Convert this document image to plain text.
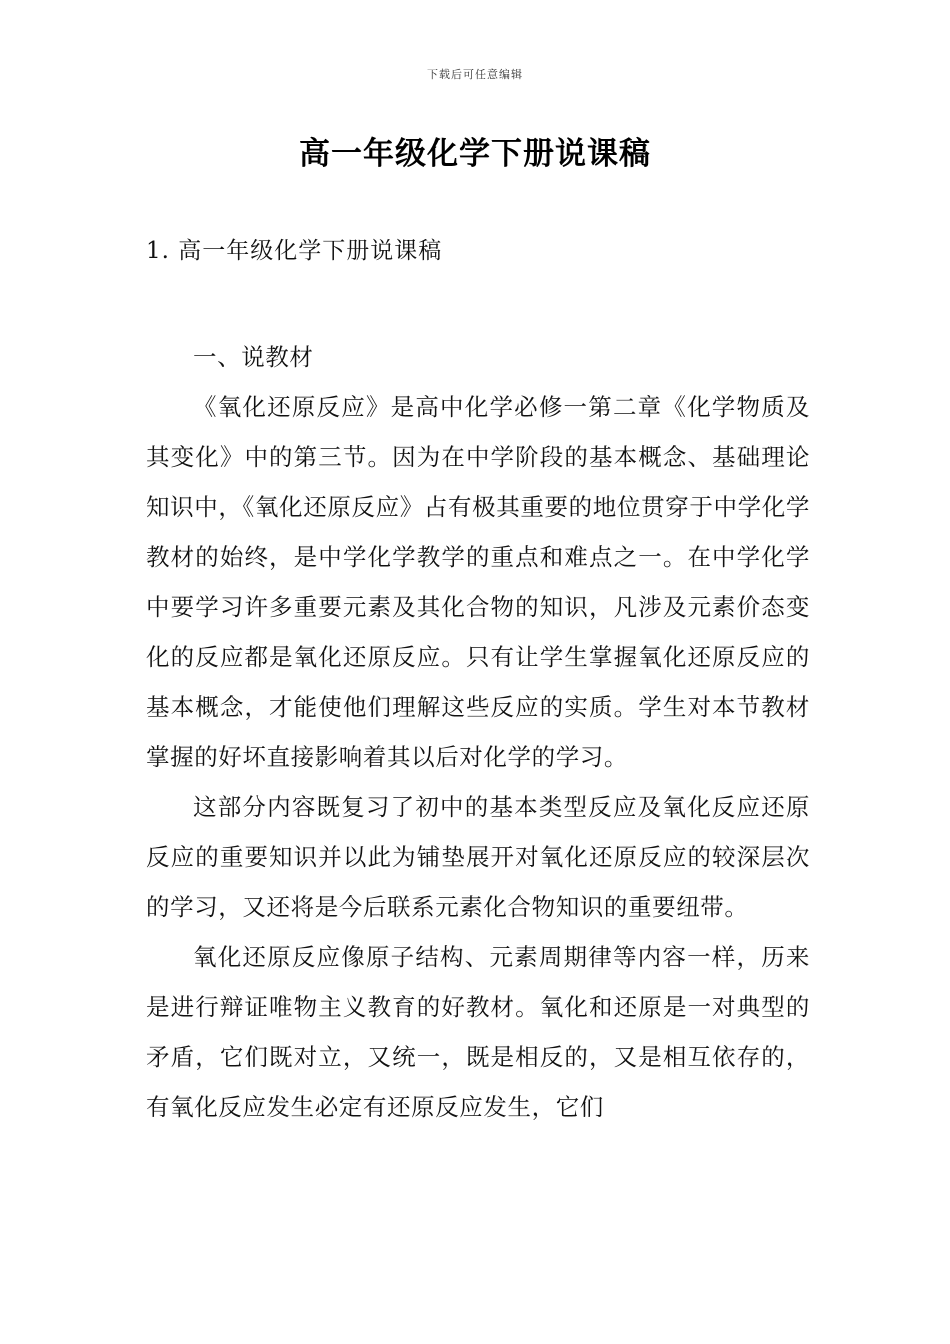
下载后可任意编辑
高一年级化学下册说课稿
1. 高一年级化学下册说课稿

一、说教材

《氧化还原反应》是高中化学必修一第二章《化学物质及其变化》中的第三节。因为在中学阶段的基本概念、基础理论知识中，《氧化还原反应》占有极其重要的地位贯穿于中学化学教材的始终，是中学化学教学的重点和难点之一。在中学化学中要学习许多重要元素及其化合物的知识，凡涉及元素价态变化的反应都是氧化还原反应。只有让学生掌握氧化还原反应的基本概念，才能使他们理解这些反应的实质。学生对本节教材掌握的好坏直接影响着其以后对化学的学习。

这部分内容既复习了初中的基本类型反应及氧化反应还原反应的重要知识并以此为铺垫展开对氧化还原反应的较深层次的学习，又还将是今后联系元素化合物知识的重要纽带。

氧化还原反应像原子结构、元素周期律等内容一样，历来是进行辩证唯物主义教育的好教材。氧化和还原是一对典型的矛盾，它们既对立，又统一，既是相反的，又是相互依存的，有氧化反应发生必定有还原反应发生，它们
